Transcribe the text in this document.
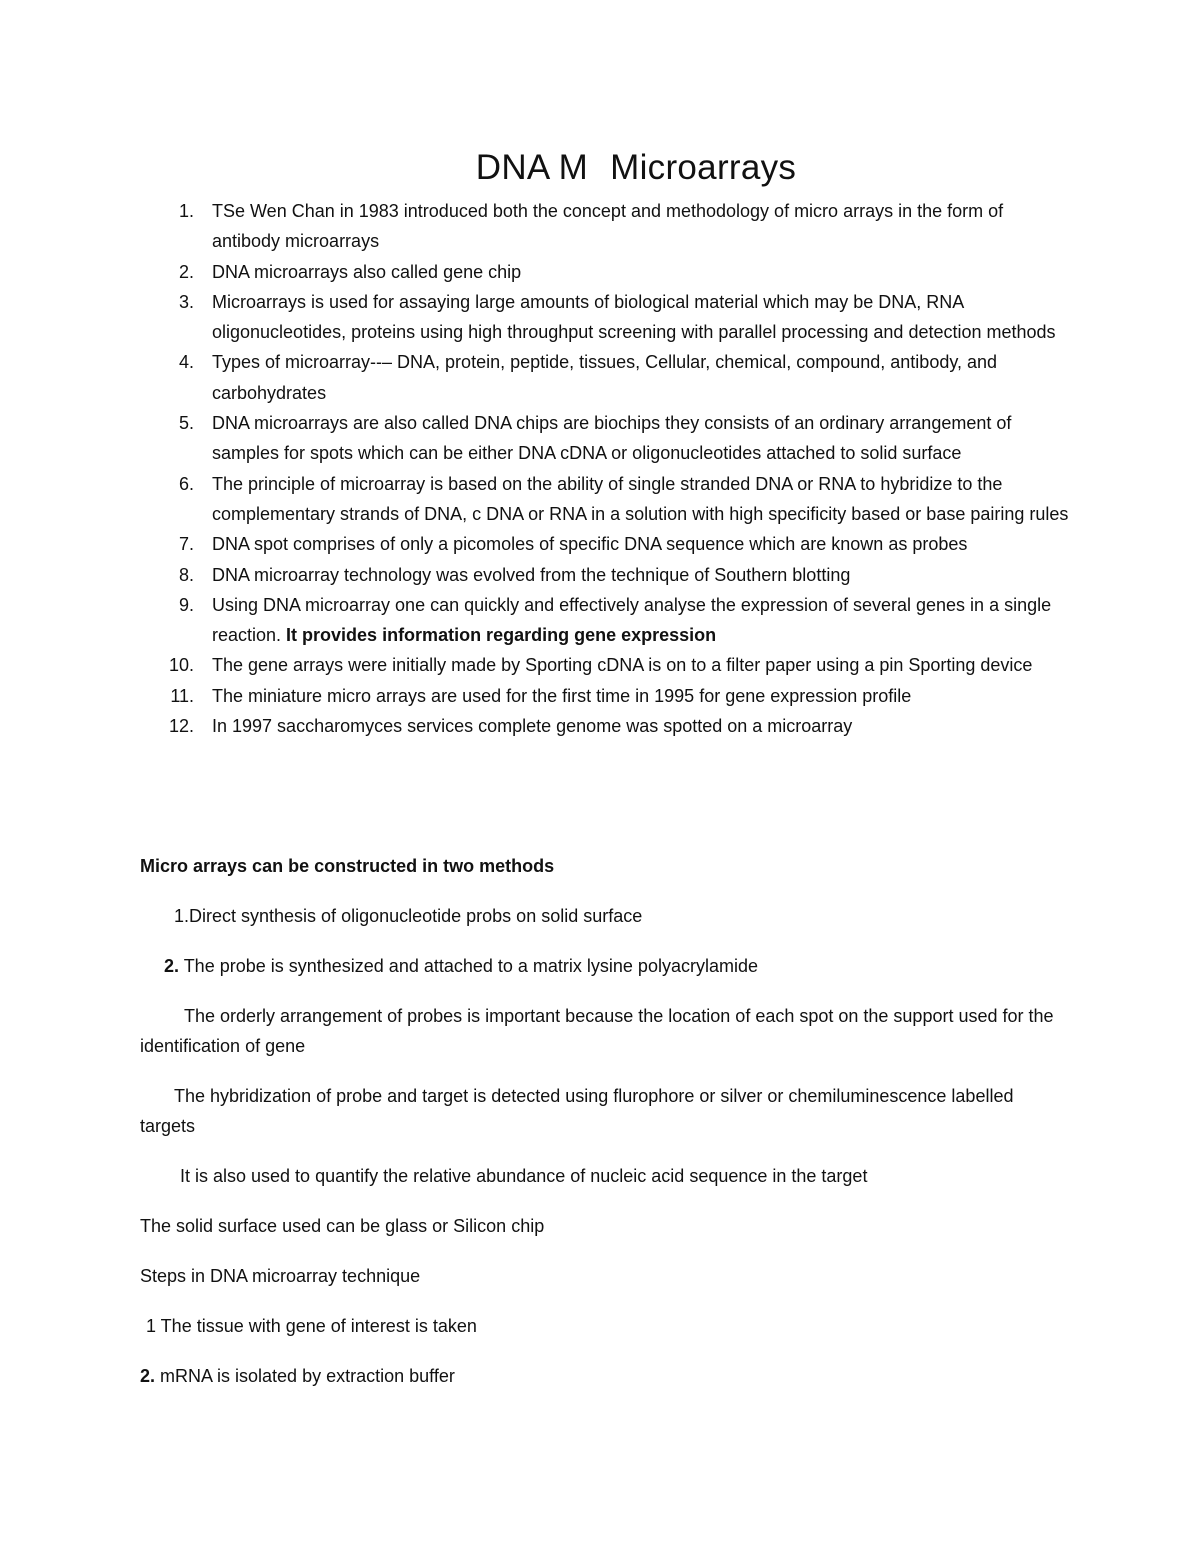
DNA M Microarrays
1. TSe Wen Chan in 1983 introduced both the concept and methodology of micro arrays in the form of antibody microarrays
2. DNA microarrays also called gene chip
3. Microarrays is used for assaying large amounts of biological material which may be DNA, RNA oligonucleotides, proteins using high throughput screening with parallel processing and detection methods
4. Types of microarray--– DNA, protein, peptide, tissues, Cellular, chemical, compound, antibody, and carbohydrates
5. DNA microarrays are also called DNA chips are biochips they consists of an ordinary arrangement of samples for spots which can be either DNA cDNA or oligonucleotides attached to solid surface
6. The principle of microarray is based on the ability of single stranded DNA or RNA to hybridize to the complementary strands of DNA, c DNA or RNA in a solution with high specificity based or base pairing rules
7. DNA spot comprises of only a picomoles of specific DNA sequence which are known as probes
8. DNA microarray technology was evolved from the technique of Southern blotting
9. Using DNA microarray one can quickly and effectively analyse the expression of several genes in a single reaction. It provides information regarding gene expression
10. The gene arrays were initially made by Sporting cDNA is on to a filter paper using a pin Sporting device
11. The miniature micro arrays are used for the first time in 1995 for gene expression profile
12. In 1997 saccharomyces services complete genome was spotted on a microarray
Micro arrays can be constructed in two methods
1.Direct synthesis of oligonucleotide probs on solid surface
2. The probe is synthesized and attached to a matrix lysine polyacrylamide
The orderly arrangement of probes is important because the location of each spot on the support used for the identification of gene
The hybridization of probe and target is detected using flurophore or silver or chemiluminescence labelled targets
It is also used to quantify the relative abundance of nucleic acid sequence in the target
The solid surface used can be glass or Silicon chip
Steps in DNA microarray technique
1 The tissue with gene of interest is taken
2. mRNA is isolated by extraction buffer
